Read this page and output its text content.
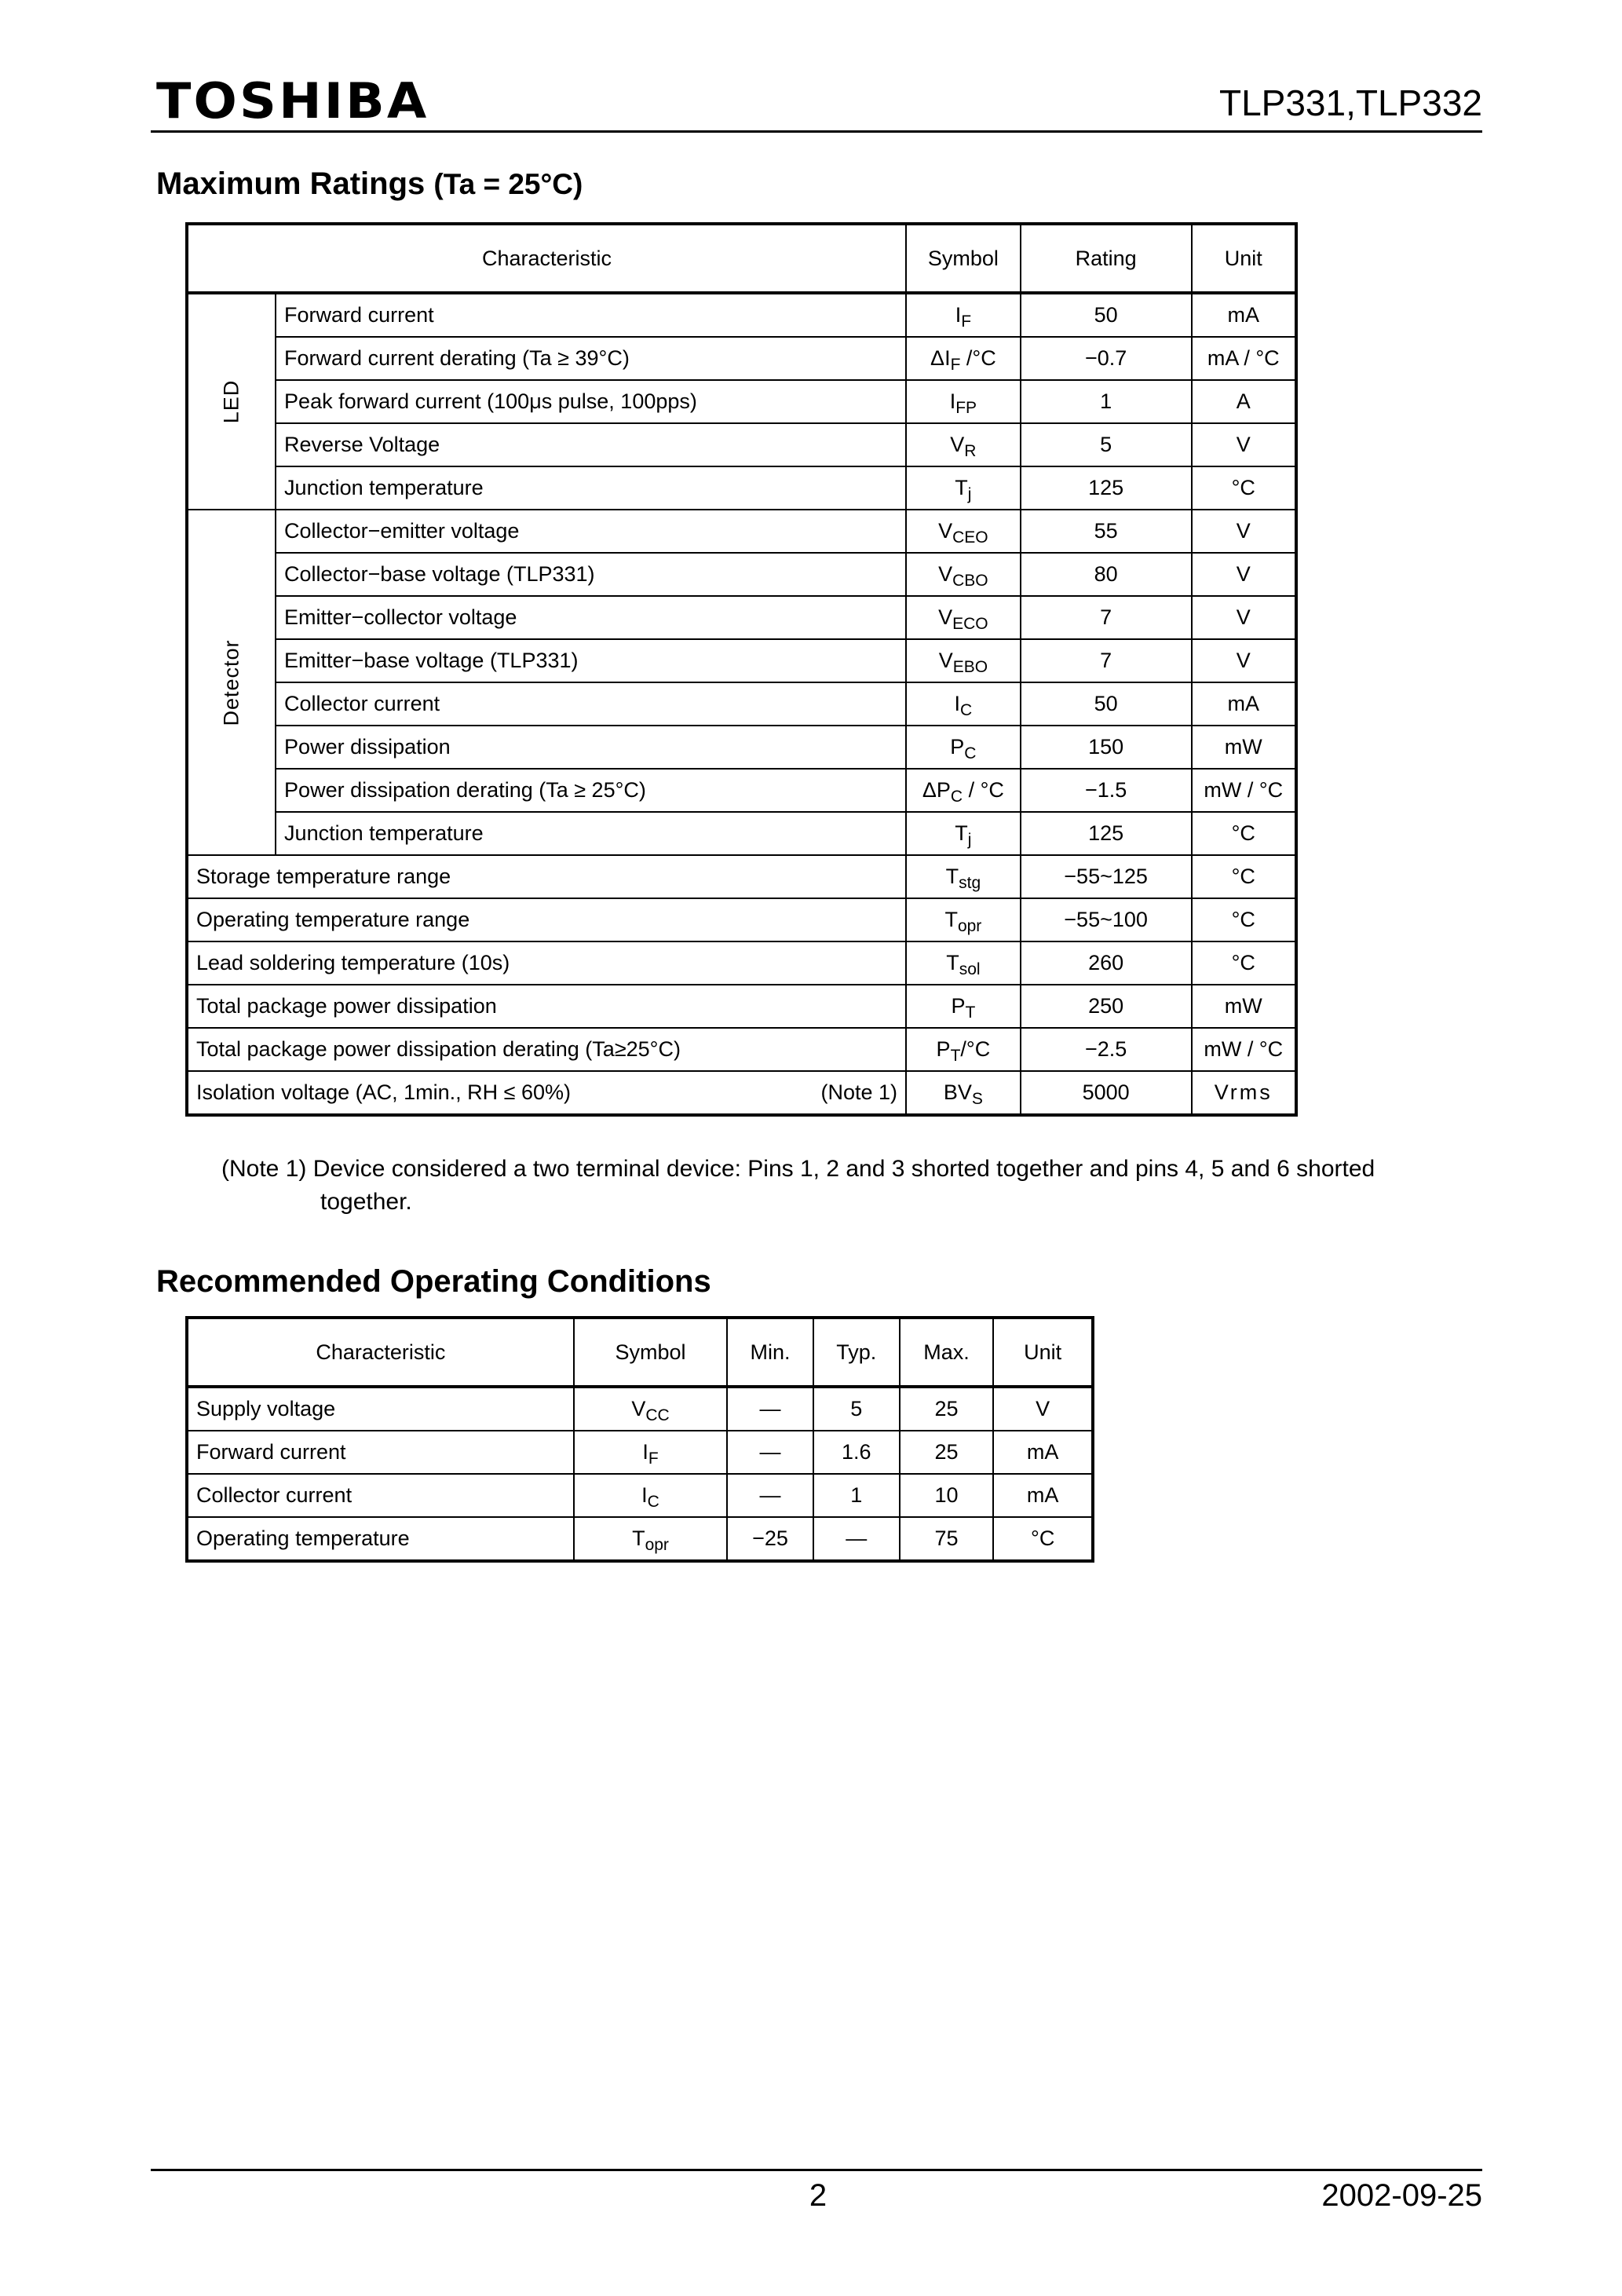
TOSHIBA	TLP331,TLP332
Maximum Ratings (Ta = 25°C)
Characteristic		Symbol	Rating	Unit

LED	Forward current	$I_F$	50	mA
	Forward current derating (Ta ≥ 39°C)	$\Delta I_F$ /°C	−0.7	mA / °C
	Peak forward current (100μs pulse, 100pps)	$I_{FP}$	1	A
	Reverse Voltage	$V_R$	5	V
	Junction temperature	$T_j$	125	°C

Detector	Collector−emitter voltage	$V_{CEO}$	55	V
	Collector−base voltage (TLP331)	$V_{CBO}$	80	V
	Emitter−collector voltage	$V_{ECO}$	7	V
	Emitter−base voltage (TLP331)	$V_{EBO}$	7	V
	Collector current	$I_C$	50	mA
	Power dissipation	$P_C$	150	mW
	Power dissipation derating (Ta ≥ 25°C)	$\Delta P_C / ^\circ C$	−1.5	mW / °C
	Junction temperature	$T_j$	125	°C

Storage temperature range		$T_{stg}$	−55~125	°C

Operating temperature range		$T_{opr}$	−55~100	°C

Lead soldering temperature (10s)		$T_{sol}$	260	°C

Total package power dissipation		$P_T$	250	mW

Total package power dissipation derating (Ta≥25°C)		$P_T/^\circ C$	−2.5	mW / °C

Isolation voltage (AC, 1min., RH ≤ 60%) (Note 1)		$BV_S$	5000	Vrms
(Note 1) Device considered a two terminal device: Pins 1, 2 and 3 shorted together and pins 4, 5 and 6 shorted
together.
Recommended Operating Conditions
Characteristic	Symbol	Min.	Typ.	Max.	Unit
Supply voltage	$V_{CC}$	—	5	25	V
Forward current	$I_F$	—	1.6	25	mA
Collector current	$I_C$	—	1	10	mA
Operating temperature	$T_{opr}$	−25	—	75	°C
2	2002-09-25
